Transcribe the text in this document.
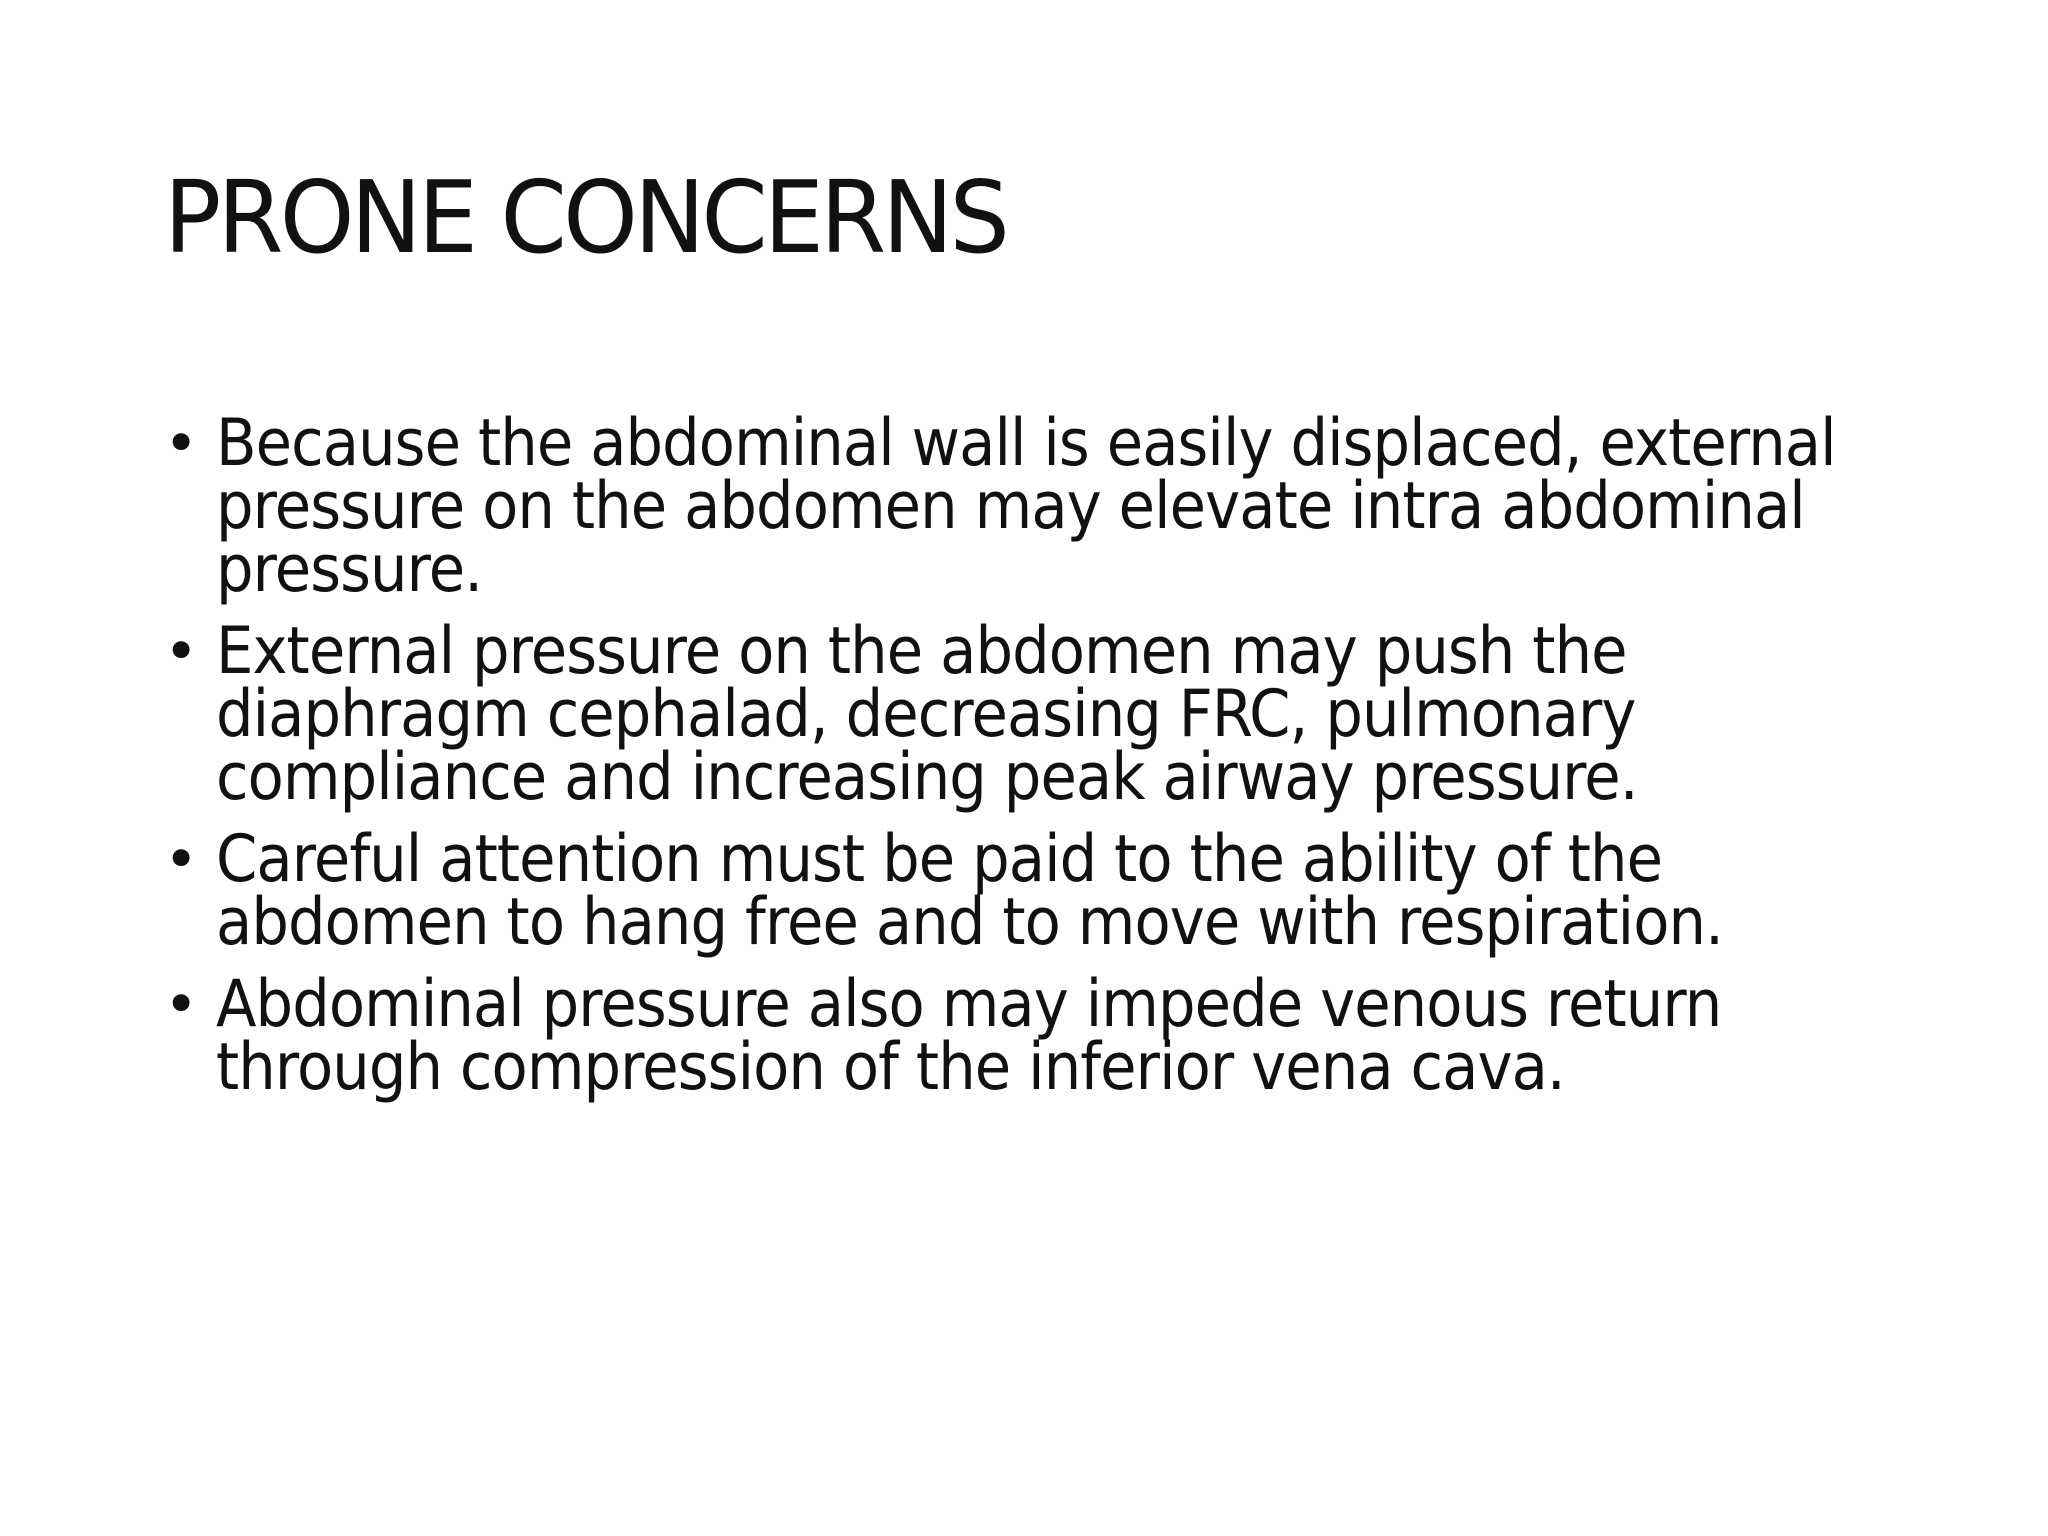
PRONE CONCERNS
• Because the abdominal wall is easily displaced, external
pressure on the abdomen may elevate intra abdominal
pressure.
• External pressure on the abdomen may push the
diaphragm cephalad, decreasing FRC, pulmonary
compliance and increasing peak airway pressure.
• Careful attention must be paid to the ability of the
abdomen to hang free and to move with respiration.
• Abdominal pressure also may impede venous return
through compression of the inferior vena cava.
